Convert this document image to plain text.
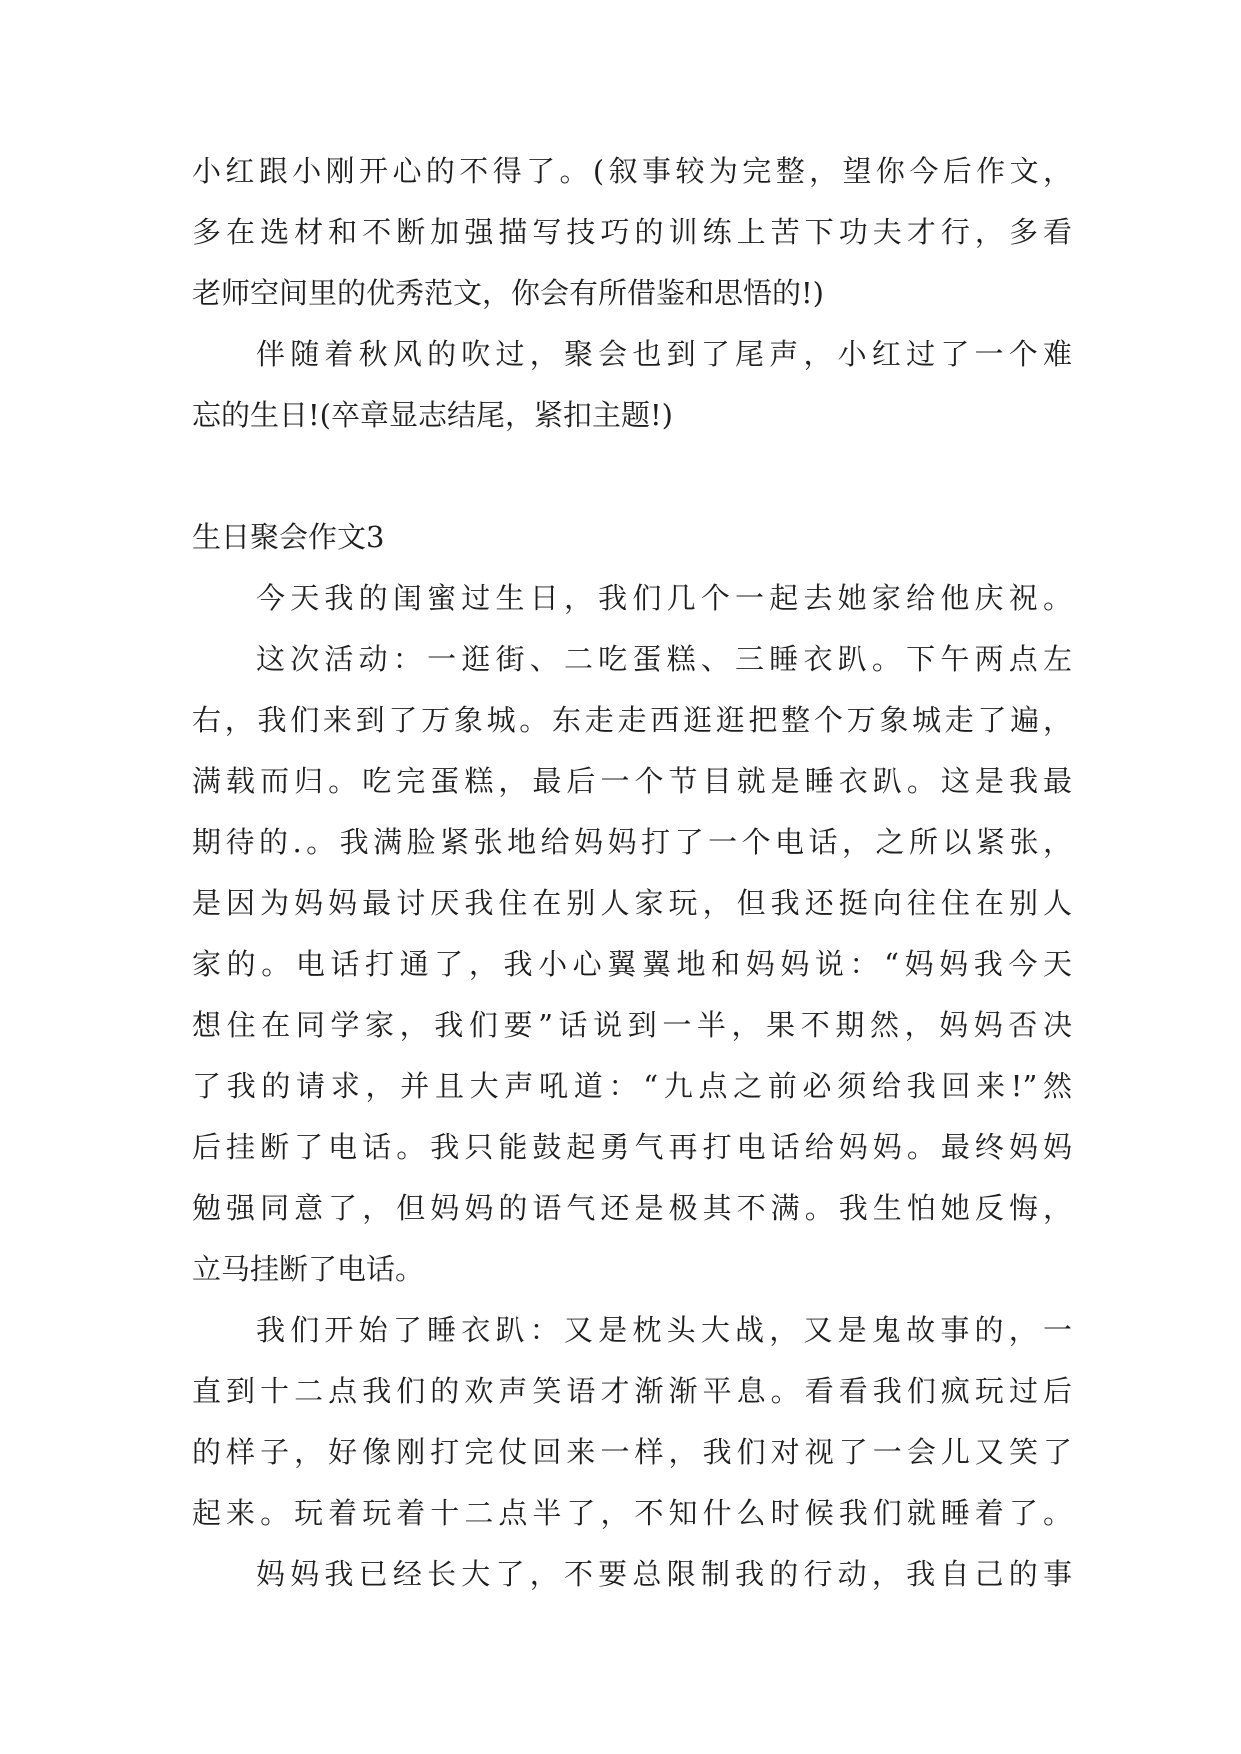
小红跟小刚开心的不得了。(叙事较为完整，望你今后作文，
多在选材和不断加强描写技巧的训练上苦下功夫才行，多看
老师空间里的优秀范文，你会有所借鉴和思悟的!)
伴随着秋风的吹过，聚会也到了尾声，小红过了一个难
忘的生日!(卒章显志结尾，紧扣主题!)
生日聚会作文3
今天我的闺蜜过生日，我们几个一起去她家给他庆祝。
这次活动：一逛街、二吃蛋糕、三睡衣趴。下午两点左
右，我们来到了万象城。东走走西逛逛把整个万象城走了遍，
满载而归。吃完蛋糕，最后一个节目就是睡衣趴。这是我最
期待的.。我满脸紧张地给妈妈打了一个电话，之所以紧张，
是因为妈妈最讨厌我住在别人家玩，但我还挺向往住在别人
家的。电话打通了，我小心翼翼地和妈妈说：“妈妈我今天
想住在同学家，我们要”话说到一半，果不期然，妈妈否决
了我的请求，并且大声吼道：“九点之前必须给我回来!”然
后挂断了电话。我只能鼓起勇气再打电话给妈妈。最终妈妈
勉强同意了，但妈妈的语气还是极其不满。我生怕她反悔，
立马挂断了电话。
我们开始了睡衣趴：又是枕头大战，又是鬼故事的，一
直到十二点我们的欢声笑语才渐渐平息。看看我们疯玩过后
的样子，好像刚打完仗回来一样，我们对视了一会儿又笑了
起来。玩着玩着十二点半了，不知什么时候我们就睡着了。
妈妈我已经长大了，不要总限制我的行动，我自己的事
